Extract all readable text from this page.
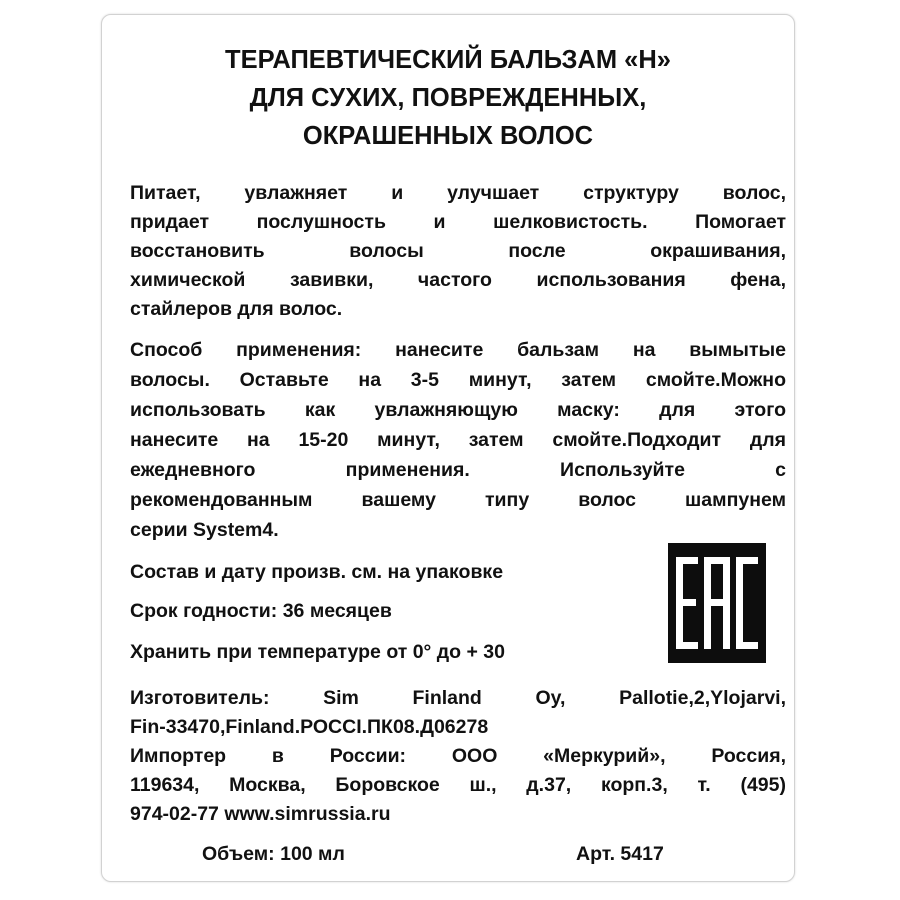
ТЕРАПЕВТИЧЕСКИЙ БАЛЬЗАМ «Н»
ДЛЯ СУХИХ, ПОВРЕЖДЕННЫХ,
ОКРАШЕННЫХ ВОЛОС
Питает, увлажняет и улучшает структуру волос,
придает послушность и шелковистость. Помогает
восстановить волосы после окрашивания,
химической завивки, частого использования фена,
стайлеров для волос.
Способ применения: нанесите бальзам на вымытые
волосы. Оставьте на 3-5 минут, затем смойте.Можно
использовать как увлажняющую маску: для этого
нанесите на 15-20 минут, затем смойте.Подходит для
ежедневного применения. Используйте с
рекомендованным вашему типу волос шампунем
серии System4.
Состав и дату произв. см. на упаковке
Срок годности: 36 месяцев
Хранить при температуре от 0° до + 30
Изготовитель: Sim Finland Oy, Pallotie,2,Ylojarvi,
Fin-33470,Finland.РОССI.ПК08.Д06278
Импортер в России: ООО «Меркурий», Россия,
119634, Москва, Боровское ш., д.37, корп.3, т. (495)
974-02-77 www.simrussia.ru
Объем: 100 мл	Арт. 5417
